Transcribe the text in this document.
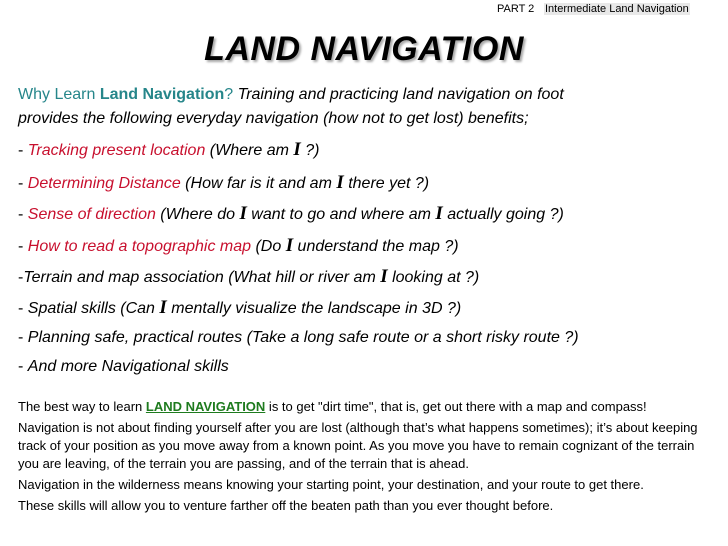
PART 2 Intermediate Land Navigation
LAND NAVIGATION
Why Learn Land Navigation? Training and practicing land navigation on foot
provides the following everyday navigation (how not to get lost) benefits;
- Tracking present location (Where am I ?)
- Determining Distance (How far is it and am I there yet ?)
- Sense of direction (Where do I want to go and where am I actually going ?)
- How to read a topographic map (Do I understand the map ?)
-Terrain and map association (What hill or river am I looking at ?)
- Spatial skills (Can I mentally visualize the landscape in 3D ?)
- Planning safe, practical routes (Take a long safe route or a short risky route ?)
- And more Navigational skills
The best way to learn LAND NAVIGATION is to get "dirt time", that is, get out there with a map and compass!
Navigation is not about finding yourself after you are lost (although that’s what happens sometimes); it’s about keeping track of your position as you move away from a known point. As you move you have to remain cognizant of the terrain you are leaving, of the terrain you are passing, and of the terrain that is ahead.
Navigation in the wilderness means knowing your starting point, your destination, and your route to get there.
These skills will allow you to venture farther off the beaten path than you ever thought before.
